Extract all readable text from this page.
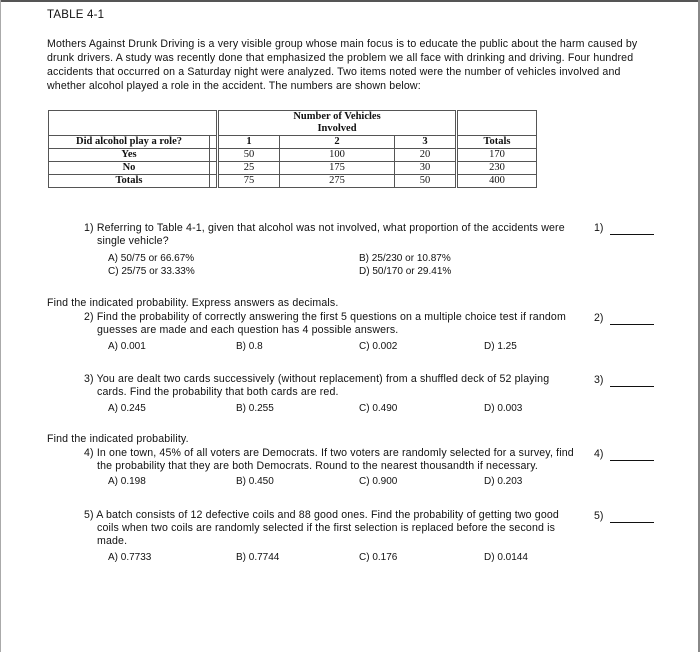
TABLE 4-1
Mothers Against Drunk Driving is a very visible group whose main focus is to educate the public about the harm caused by drunk drivers. A study was recently done that emphasized the problem we all face with drinking and driving. Four hundred accidents that occurred on a Saturday night were analyzed. Two items noted were the number of vehicles involved and whether alcohol played a role in the accident. The numbers are shown below:

		Number of Vehicles
Involved			

Did alcohol play a role?		1	2	3	Totals
Yes		50	100	20	170
No		25	175	30	230
Totals		75	275	50	400
1) Referring to Table 4-1, given that alcohol was not involved, what proportion of the accidents were
single vehicle?
A) 50/75 or 66.67%	B) 25/230 or 10.87%
C) 25/75 or 33.33%	D) 50/170 or 29.41%
1)
Find the indicated probability. Express answers as decimals.
2) Find the probability of correctly answering the first 5 questions on a multiple choice test if random
guesses are made and each question has 4 possible answers.
A) 0.001	B) 0.8	C) 0.002	D) 1.25
2)
3) You are dealt two cards successively (without replacement) from a shuffled deck of 52 playing
cards. Find the probability that both cards are red.
A) 0.245	B) 0.255	C) 0.490	D) 0.003
3)
Find the indicated probability.
4) In one town, 45% of all voters are Democrats. If two voters are randomly selected for a survey, find
the probability that they are both Democrats. Round to the nearest thousandth if necessary.
A) 0.198	B) 0.450	C) 0.900	D) 0.203
4)
5) A batch consists of 12 defective coils and 88 good ones. Find the probability of getting two good
coils when two coils are randomly selected if the first selection is replaced before the second is
made.
A) 0.7733	B) 0.7744	C) 0.176	D) 0.0144
5)
